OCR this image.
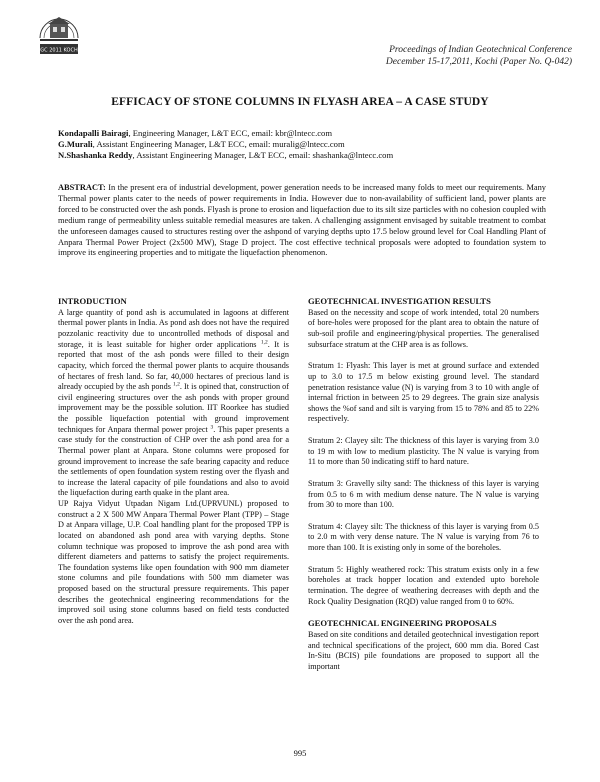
IGC 2011 KOCHI	Proceedings of Indian Geotechnical Conference
December 15-17,2011, Kochi (Paper No. Q-042)
EFFICACY OF STONE COLUMNS IN FLYASH AREA – A CASE STUDY
Kondapalli Bairagi, Engineering Manager, L&T ECC, email: kbr@lntecc.com
G.Murali, Assistant Engineering Manager, L&T ECC, email: muralig@lntecc.com
N.Shashanka Reddy, Assistant Engineering Manager, L&T ECC, email: shashanka@lntecc.com
ABSTRACT: In the present era of industrial development, power generation needs to be increased many folds to meet our requirements. Many Thermal power plants cater to the needs of power requirements in India. However due to non-availability of sufficient land, power plants are forced to be constructed over the ash ponds. Flyash is prone to erosion and liquefaction due to its silt size particles with no cohesion coupled with medium range of permeability unless suitable remedial measures are taken. A challenging assignment envisaged by suitable treatment to combat the unforeseen damages caused to structures resting over the ashpond of varying depths upto 17.5 below ground level for Coal Handling Plant of Anpara Thermal Power Project (2x500 MW), Stage D project. The cost effective technical proposals were adopted to foundation system to improve its engineering properties and to mitigate the liquefaction phenomenon.
INTRODUCTION

A large quantity of pond ash is accumulated in lagoons at different thermal power plants in India. As pond ash does not have the required pozzolanic reactivity due to uncontrolled methods of disposal and storage, it is least suitable for higher order applications $^{1,2}$. It is reported that most of the ash ponds were filled to their design capacity, which forced the thermal power plants to acquire thousands of hectares of fresh land. So far, 40,000 hectares of precious land is already occupied by the ash ponds $^{1,2}$. It is opined that, construction of civil engineering structures over the ash ponds with proper ground improvement may be the possible solution. IIT Roorkee has studied the possible liquefaction potential with ground improvement techniques for Anpara thermal power project $^3$. This paper presents a case study for the construction of CHP over the ash pond area for a Thermal power plant at Anpara. Stone columns were proposed for ground improvement to increase the safe bearing capacity and reduce the settlements of open foundation system resting over the flyash and to increase the lateral capacity of pile foundations and also to avoid the liquefaction during earth quake in the plant area.

UP Rajya Vidyut Utpadan Nigam Ltd.(UPRVUNL) proposed to construct a 2 X 500 MW Anpara Thermal Power Plant (TPP) – Stage D at Anpara village, U.P. Coal handling plant for the proposed TPP is located on abandoned ash pond area with varying depths. Stone column technique was proposed to improve the ash pond area with different diameters and patterns to satisfy the project requirements. The foundation systems like open foundation with 900 mm diameter stone columns and pile foundations with 500 mm diameter was proposed based on the structural pressure requirements. This paper describes the geotechnical engineering recommendations for the improved soil using stone columns based on field tests conducted over the ash pond area.

GEOTECHNICAL INVESTIGATION RESULTS

Based on the necessity and scope of work intended, total 20 numbers of bore-holes were proposed for the plant area to obtain the nature of sub-soil profile and engineering/physical properties. The generalised subsurface stratum at the CHP area is as follows.

Stratum 1: Flyash: This layer is met at ground surface and extended up to 3.0 to 17.5 m below existing ground level. The standard penetration resistance value (N) is varying from 3 to 10 with angle of internal friction in between 25 to 29 degrees. The grain size analysis shows the %of sand and silt is varying from 15 to 78% and 85 to 22% respectively.

Stratum 2: Clayey silt: The thickness of this layer is varying from 3.0 to 19 m with low to medium plasticity. The N value is varying from 11 to more than 50 indicating stiff to hard nature.

Stratum 3: Gravelly silty sand: The thickness of this layer is varying from 0.5 to 6 m with medium dense nature. The N value is varying from 30 to more than 100.

Stratum 4: Clayey silt: The thickness of this layer is varying from 0.5 to 2.0 m with very dense nature. The N value is varying from 76 to more than 100. It is existing only in some of the boreholes.

Stratum 5: Highly weathered rock: This stratum exists only in a few boreholes at track hopper location and extended upto borehole termination. The degree of weathering decreases with depth and the Rock Quality Designation (RQD) value ranged from 0 to 60%.

GEOTECHNICAL ENGINEERING PROPOSALS

Based on site conditions and detailed geotechnical investigation report and technical specifications of the project, 600 mm dia. Bored Cast In-Situ (BCIS) pile foundations are proposed to support all the important

995
